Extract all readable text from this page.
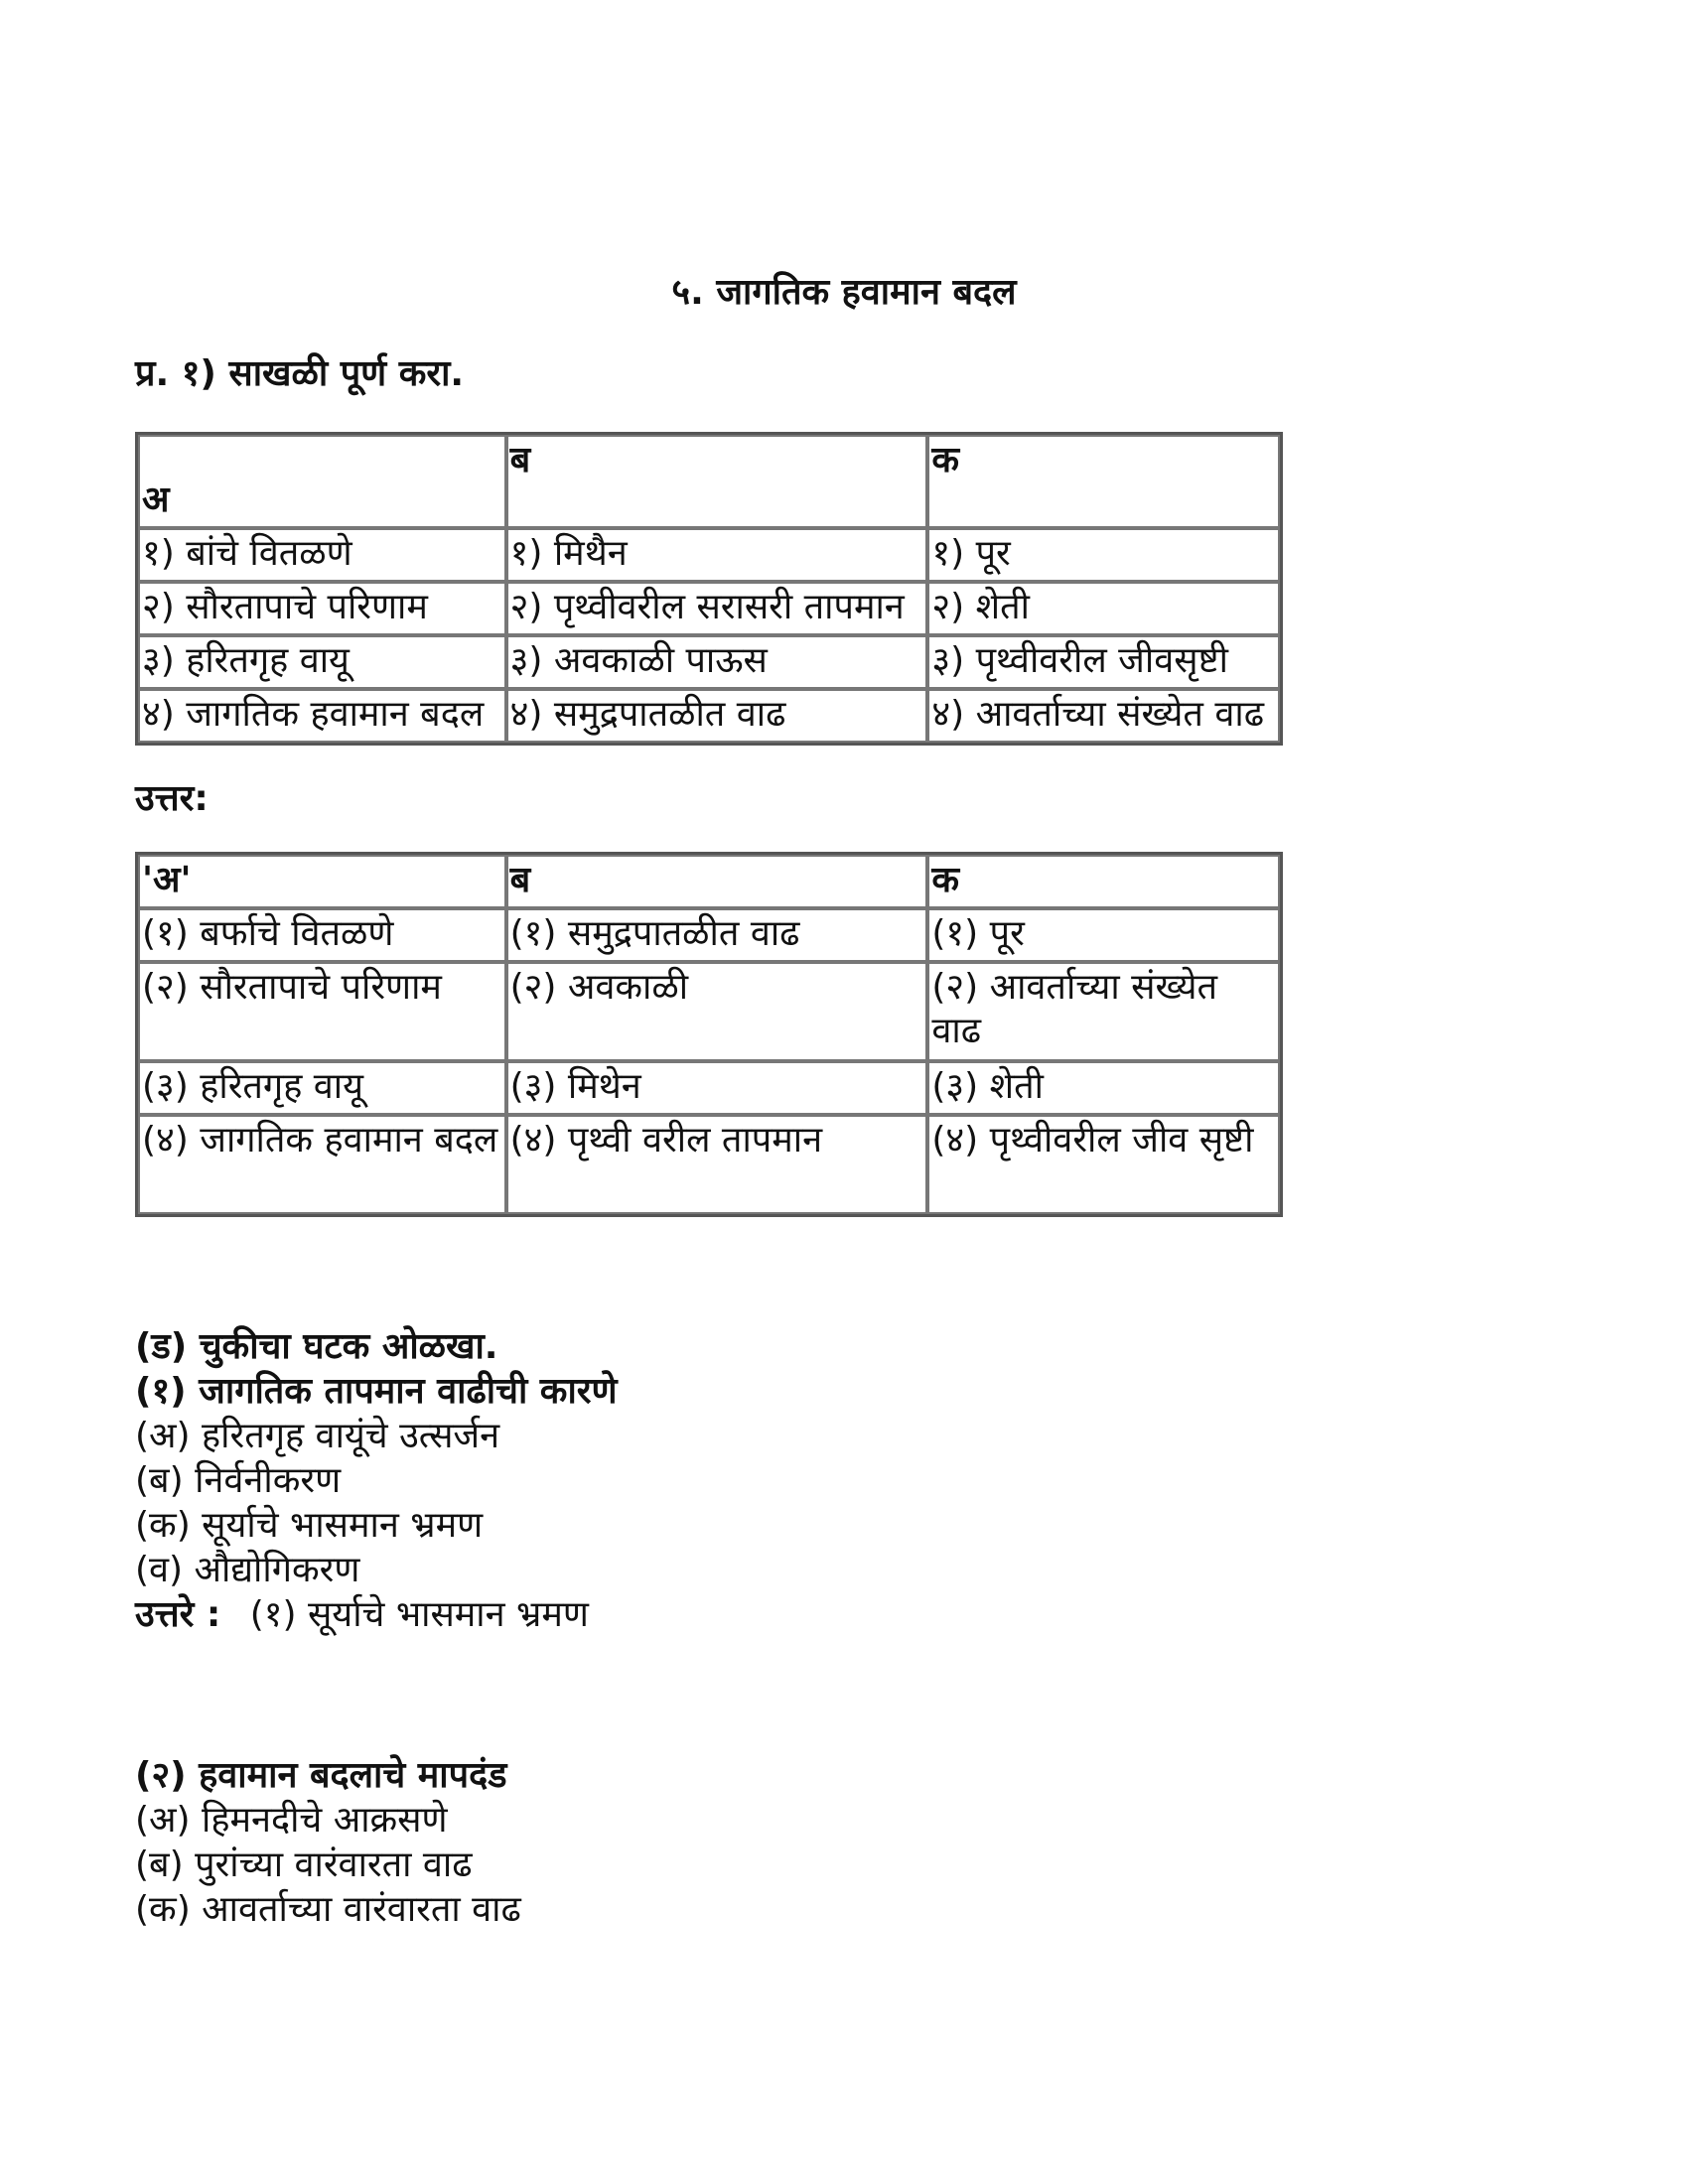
५. जागतिक हवामान बदल
प्र. १) साखळी पूर्ण करा.
अ	ब	क
१) बांचे वितळणे	१) मिथैन	१) पूर
२) सौरतापाचे परिणाम	२) पृथ्वीवरील सरासरी तापमान	२) शेती
३) हरितगृह वायू	३) अवकाळी पाऊस	३) पृथ्वीवरील जीवसृष्टी
४) जागतिक हवामान बदल	४) समुद्रपातळीत वाढ	४) आवर्ताच्या संख्येत वाढ
उत्तर:
'अ'	ब	क
(१) बर्फाचे वितळणे	(१) समुद्रपातळीत वाढ	(१) पूर
(२) सौरतापाचे परिणाम	(२) अवकाळी	(२) आवर्ताच्या संख्येत वाढ
(३) हरितगृह वायू	(३) मिथेन	(३) शेती
(४) जागतिक हवामान बदल	(४) पृथ्वी वरील तापमान	(४) पृथ्वीवरील जीव सृष्टी
(ड) चुकीचा घटक ओळखा.
(१) जागतिक तापमान वाढीची कारणे
(अ) हरितगृह वायूंचे उत्सर्जन
(ब) निर्वनीकरण
(क) सूर्याचे भासमान भ्रमण
(व) औद्योगिकरण
उत्तरे : (१) सूर्याचे भासमान भ्रमण
(२) हवामान बदलाचे मापदंड
(अ) हिमनदीचे आक्रसणे
(ब) पुरांच्या वारंवारता वाढ
(क) आवर्ताच्या वारंवारता वाढ
